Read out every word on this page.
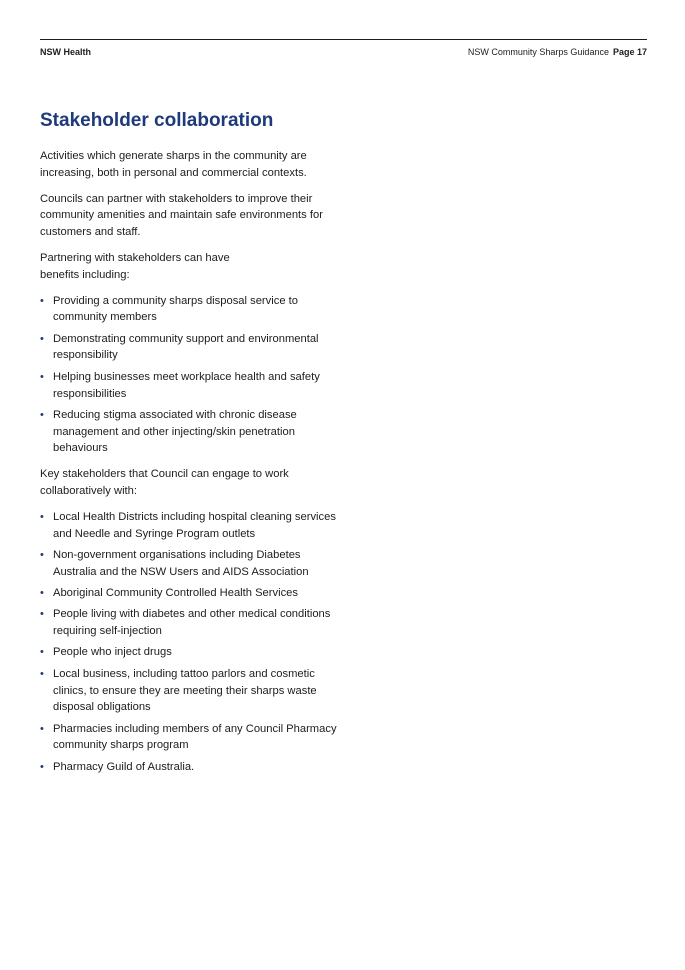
NSW Health	NSW Community Sharps Guidance Page 17
Stakeholder collaboration

Activities which generate sharps in the community are increasing, both in personal and commercial contexts.

Councils can partner with stakeholders to improve their community amenities and maintain safe environments for customers and staff.

Partnering with stakeholders can have benefits including:

• Providing a community sharps disposal service to community members
• Demonstrating community support and environmental responsibility
• Helping businesses meet workplace health and safety responsibilities
• Reducing stigma associated with chronic disease management and other injecting/skin penetration behaviours

Key stakeholders that Council can engage to work collaboratively with:

• Local Health Districts including hospital cleaning services and Needle and Syringe Program outlets
• Non-government organisations including Diabetes Australia and the NSW Users and AIDS Association
• Aboriginal Community Controlled Health Services
• People living with diabetes and other medical conditions requiring self-injection
• People who inject drugs
• Local business, including tattoo parlors and cosmetic clinics, to ensure they are meeting their sharps waste disposal obligations
• Pharmacies including members of any Council Pharmacy community sharps program
• Pharmacy Guild of Australia.
